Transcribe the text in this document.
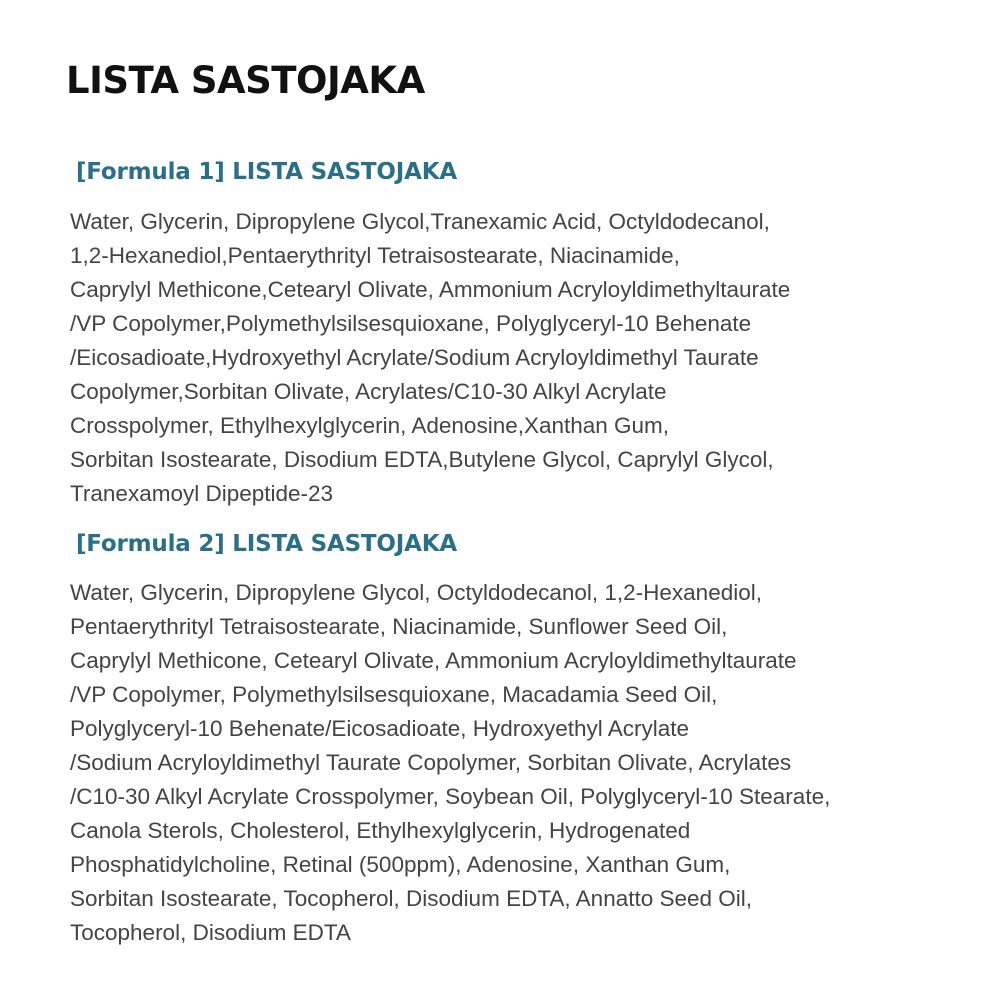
LISTA SASTOJAKA
[Formula 1] LISTA SASTOJAKA
Water, Glycerin, Dipropylene Glycol,Tranexamic Acid, Octyldodecanol,
1,2-Hexanediol,Pentaerythrityl Tetraisostearate, Niacinamide,
Caprylyl Methicone,Cetearyl Olivate, Ammonium Acryloyldimethyltaurate
/VP Copolymer,Polymethylsilsesquioxane, Polyglyceryl-10 Behenate
/Eicosadioate,Hydroxyethyl Acrylate/Sodium Acryloyldimethyl Taurate
Copolymer,Sorbitan Olivate, Acrylates/C10-30 Alkyl Acrylate
Crosspolymer, Ethylhexylglycerin, Adenosine,Xanthan Gum,
Sorbitan Isostearate, Disodium EDTA,Butylene Glycol, Caprylyl Glycol,
Tranexamoyl Dipeptide-23
[Formula 2] LISTA SASTOJAKA
Water, Glycerin, Dipropylene Glycol, Octyldodecanol, 1,2-Hexanediol,
Pentaerythrityl Tetraisostearate, Niacinamide, Sunflower Seed Oil,
Caprylyl Methicone, Cetearyl Olivate, Ammonium Acryloyldimethyltaurate
/VP Copolymer, Polymethylsilsesquioxane, Macadamia Seed Oil,
Polyglyceryl-10 Behenate/Eicosadioate, Hydroxyethyl Acrylate
/Sodium Acryloyldimethyl Taurate Copolymer, Sorbitan Olivate, Acrylates
/C10-30 Alkyl Acrylate Crosspolymer, Soybean Oil, Polyglyceryl-10 Stearate,
Canola Sterols, Cholesterol, Ethylhexylglycerin, Hydrogenated
Phosphatidylcholine, Retinal (500ppm), Adenosine, Xanthan Gum,
Sorbitan Isostearate, Tocopherol, Disodium EDTA, Annatto Seed Oil,
Tocopherol, Disodium EDTA
